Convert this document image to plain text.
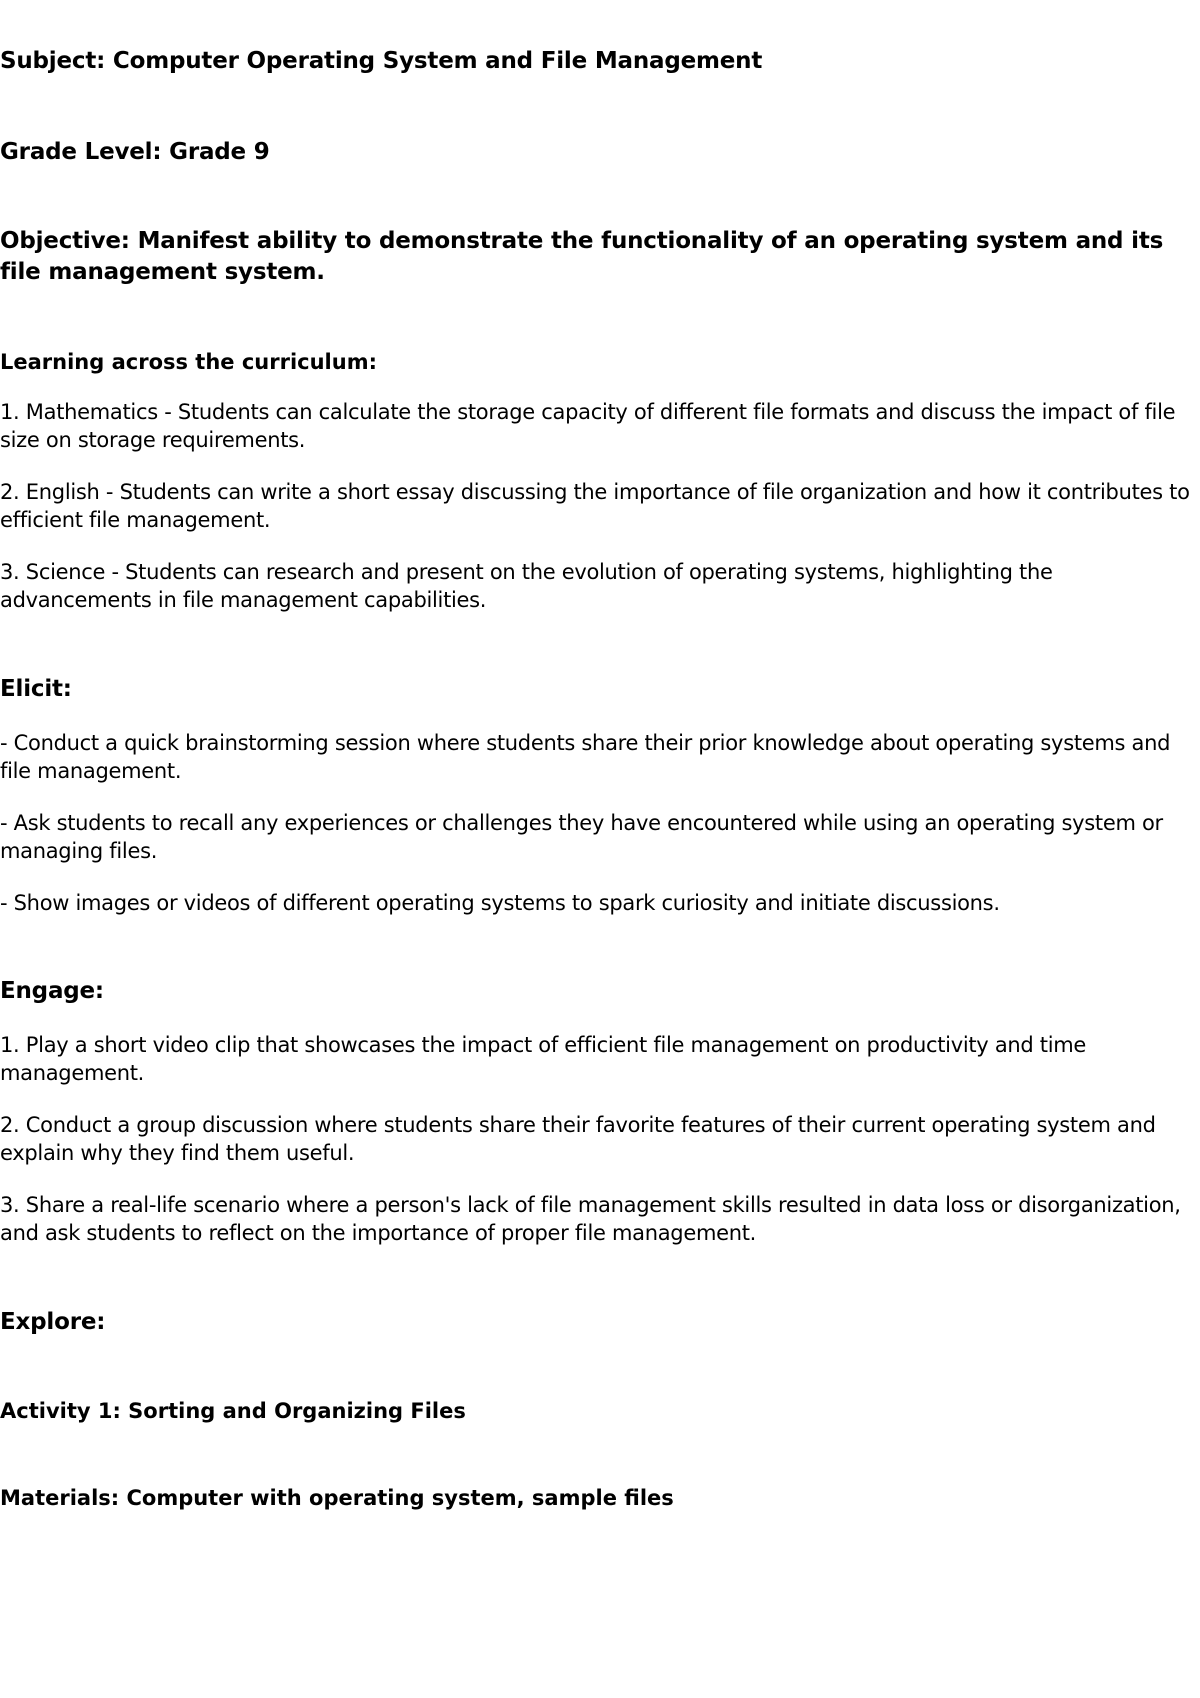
Subject: Computer Operating System and File Management

Grade Level: Grade 9

Objective: Manifest ability to demonstrate the functionality of an operating system and its file management system.

Learning across the curriculum:

1. Mathematics - Students can calculate the storage capacity of different file formats and discuss the impact of file size on storage requirements.

2. English - Students can write a short essay discussing the importance of file organization and how it contributes to efficient file management.

3. Science - Students can research and present on the evolution of operating systems, highlighting the advancements in file management capabilities.

Elicit:

- Conduct a quick brainstorming session where students share their prior knowledge about operating systems and file management.

- Ask students to recall any experiences or challenges they have encountered while using an operating system or managing files.

- Show images or videos of different operating systems to spark curiosity and initiate discussions.

Engage:

1. Play a short video clip that showcases the impact of efficient file management on productivity and time management.

2. Conduct a group discussion where students share their favorite features of their current operating system and explain why they find them useful.

3. Share a real-life scenario where a person's lack of file management skills resulted in data loss or disorganization, and ask students to reflect on the importance of proper file management.

Explore:

Activity 1: Sorting and Organizing Files

Materials: Computer with operating system, sample files
